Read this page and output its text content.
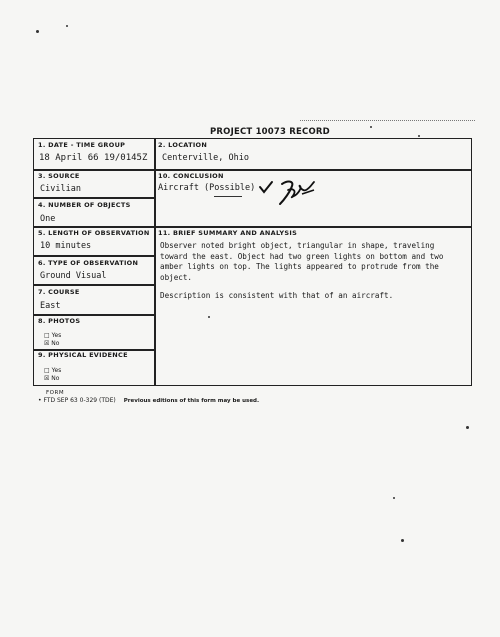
PROJECT 10073 RECORD
1. DATE - TIME GROUP
18 April 66 19/0145Z
2. LOCATION
Centerville, Ohio
3. SOURCE
Civilian
10. CONCLUSION
Aircraft (Possible)
4. NUMBER OF OBJECTS
One
5. LENGTH OF OBSERVATION
10 minutes
11. BRIEF SUMMARY AND ANALYSIS
6. TYPE OF OBSERVATION
Ground Visual
7. COURSE
East
8. PHOTOS
□ Yes
☒ No
9. PHYSICAL EVIDENCE
□ Yes
☒ No

Observer noted bright object, triangular in shape, traveling toward the east. Object had two green lights on bottom and two amber lights on top. The lights appeared to protrude from the object.

Description is consistent with that of an aircraft.

FORM
• FTD SEP 63 0-329 (TDE) Previous editions of this form may be used.
